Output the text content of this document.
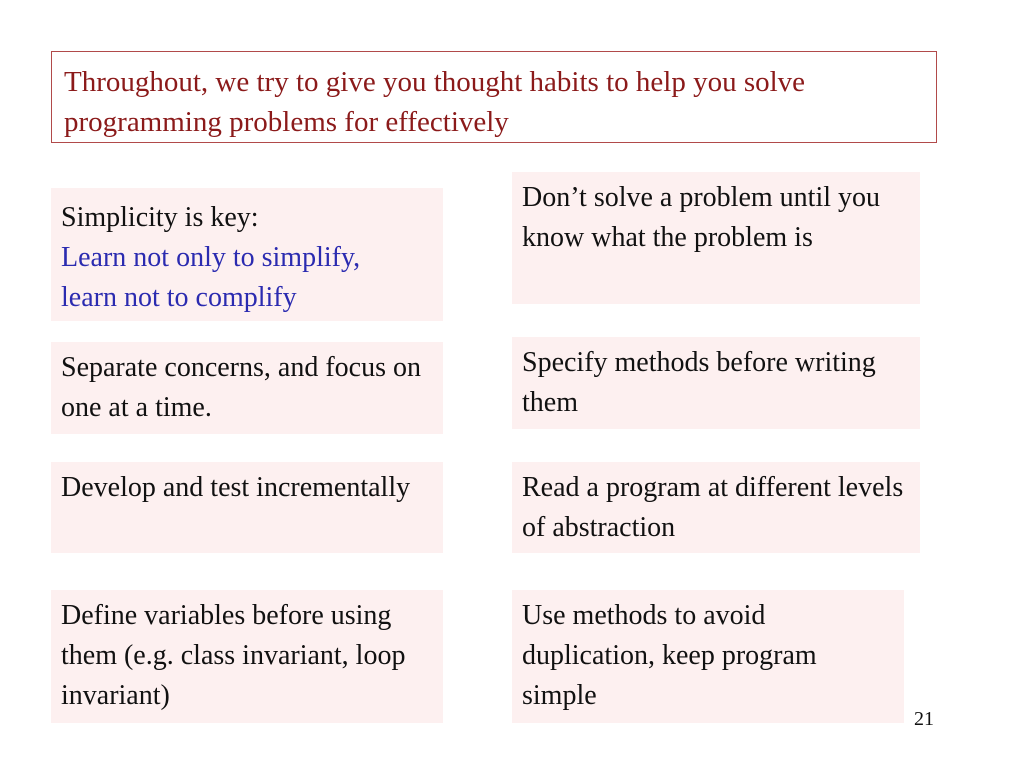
Throughout, we try to give you thought habits to help you solve programming problems for effectively
Simplicity is key:
Learn not only to simplify,
learn not to complify
Separate concerns, and focus on one at a time.
Develop and test incrementally
Define variables before using them (e.g. class invariant, loop invariant)
Don’t solve a problem until you know what the problem is
Specify methods before writing them
Read a program at different levels of abstraction
Use methods to avoid duplication, keep program simple
21
